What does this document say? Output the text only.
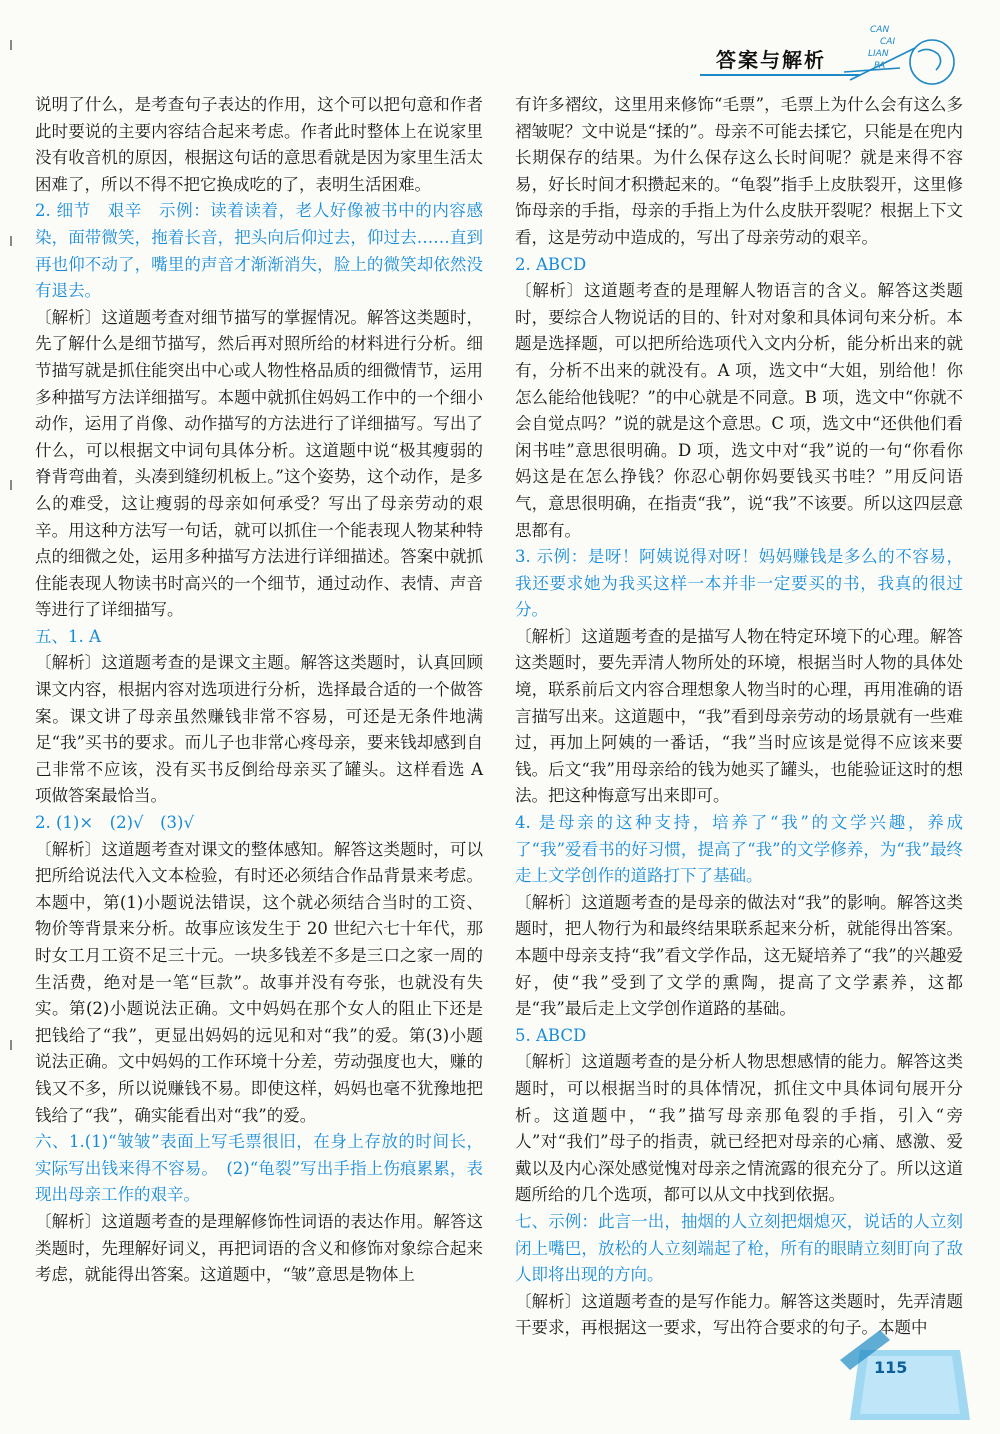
答案与解析
CAN
CAI
LIAN
PA

说明了什么，是考查句子表达的作用，这个可以把句意和作者此时要说的主要内容结合起来考虑。作者此时整体上在说家里没有收音机的原因，根据这句话的意思看就是因为家里生活太困难了，所以不得不把它换成吃的了，表明生活困难。

2. 细节　艰辛　示例：读着读着，老人好像被书中的内容感染，面带微笑，拖着长音，把头向后仰过去，仰过去……直到再也仰不动了，嘴里的声音才渐渐消失，脸上的微笑却依然没有退去。

〔解析〕这道题考查对细节描写的掌握情况。解答这类题时，先了解什么是细节描写，然后再对照所给的材料进行分析。细节描写就是抓住能突出中心或人物性格品质的细微情节，运用多种描写方法详细描写。本题中就抓住妈妈工作中的一个细小动作，运用了肖像、动作描写的方法进行了详细描写。写出了什么，可以根据文中词句具体分析。这道题中说“极其瘦弱的脊背弯曲着，头凑到缝纫机板上。”这个姿势，这个动作，是多么的难受，这让瘦弱的母亲如何承受？写出了母亲劳动的艰辛。用这种方法写一句话，就可以抓住一个能表现人物某种特点的细微之处，运用多种描写方法进行详细描述。答案中就抓住能表现人物读书时高兴的一个细节，通过动作、表情、声音等进行了详细描写。

五、1. A

〔解析〕这道题考查的是课文主题。解答这类题时，认真回顾课文内容，根据内容对选项进行分析，选择最合适的一个做答案。课文讲了母亲虽然赚钱非常不容易，可还是无条件地满足“我”买书的要求。而儿子也非常心疼母亲，要来钱却感到自己非常不应该，没有买书反倒给母亲买了罐头。这样看选 A 项做答案最恰当。

2. (1)×　(2)√　(3)√

〔解析〕这道题考查对课文的整体感知。解答这类题时，可以把所给说法代入文本检验，有时还必须结合作品背景来考虑。本题中，第(1)小题说法错误，这个就必须结合当时的工资、物价等背景来分析。故事应该发生于 20 世纪六七十年代，那时女工月工资不足三十元。一块多钱差不多是三口之家一周的生活费，绝对是一笔“巨款”。故事并没有夸张，也就没有失实。第(2)小题说法正确。文中妈妈在那个女人的阻止下还是把钱给了“我”，更显出妈妈的远见和对“我”的爱。第(3)小题说法正确。文中妈妈的工作环境十分差，劳动强度也大，赚的钱又不多，所以说赚钱不易。即使这样，妈妈也毫不犹豫地把钱给了“我”，确实能看出对“我”的爱。

六、1.(1)“皱皱”表面上写毛票很旧，在身上存放的时间长，实际写出钱来得不容易。　(2)“龟裂”写出手指上伤痕累累，表现出母亲工作的艰辛。

〔解析〕这道题考查的是理解修饰性词语的表达作用。解答这类题时，先理解好词义，再把词语的含义和修饰对象综合起来考虑，就能得出答案。这道题中，“皱”意思是物体上

有许多褶纹，这里用来修饰“毛票”，毛票上为什么会有这么多褶皱呢？文中说是“揉的”。母亲不可能去揉它，只能是在兜内长期保存的结果。为什么保存这么长时间呢？就是来得不容易，好长时间才积攒起来的。“龟裂”指手上皮肤裂开，这里修饰母亲的手指，母亲的手指上为什么皮肤开裂呢？根据上下文看，这是劳动中造成的，写出了母亲劳动的艰辛。

2. ABCD

〔解析〕这道题考查的是理解人物语言的含义。解答这类题时，要综合人物说话的目的、针对对象和具体词句来分析。本题是选择题，可以把所给选项代入文内分析，能分析出来的就有，分析不出来的就没有。A 项，选文中“大姐，别给他！你怎么能给他钱呢？”的中心就是不同意。B 项，选文中“你就不会自觉点吗？”说的就是这个意思。C 项，选文中“还供他们看闲书哇”意思很明确。D 项，选文中对“我”说的一句“你看你妈这是在怎么挣钱？你忍心朝你妈要钱买书哇？”用反问语气，意思很明确，在指责“我”，说“我”不该要。所以这四层意思都有。

3. 示例：是呀！阿姨说得对呀！妈妈赚钱是多么的不容易，我还要求她为我买这样一本并非一定要买的书，我真的很过分。

〔解析〕这道题考查的是描写人物在特定环境下的心理。解答这类题时，要先弄清人物所处的环境，根据当时人物的具体处境，联系前后文内容合理想象人物当时的心理，再用准确的语言描写出来。这道题中，“我”看到母亲劳动的场景就有一些难过，再加上阿姨的一番话，“我”当时应该是觉得不应该来要钱。后文“我”用母亲给的钱为她买了罐头，也能验证这时的想法。把这种悔意写出来即可。

4. 是母亲的这种支持，培养了“我”的文学兴趣，养成了“我”爱看书的好习惯，提高了“我”的文学修养，为“我”最终走上文学创作的道路打下了基础。

〔解析〕这道题考查的是母亲的做法对“我”的影响。解答这类题时，把人物行为和最终结果联系起来分析，就能得出答案。本题中母亲支持“我”看文学作品，这无疑培养了“我”的兴趣爱好，使“我”受到了文学的熏陶，提高了文学素养，这都是“我”最后走上文学创作道路的基础。

5. ABCD

〔解析〕这道题考查的是分析人物思想感情的能力。解答这类题时，可以根据当时的具体情况，抓住文中具体词句展开分析。这道题中，“我”描写母亲那龟裂的手指，引入“旁人”对“我们”母子的指责，就已经把对母亲的心痛、感激、爱戴以及内心深处感觉愧对母亲之情流露的很充分了。所以这道题所给的几个选项，都可以从文中找到依据。

七、示例：此言一出，抽烟的人立刻把烟熄灭，说话的人立刻闭上嘴巴，放松的人立刻端起了枪，所有的眼睛立刻盯向了敌人即将出现的方向。

〔解析〕这道题考查的是写作能力。解答这类题时，先弄清题干要求，再根据这一要求，写出符合要求的句子。本题中

115
